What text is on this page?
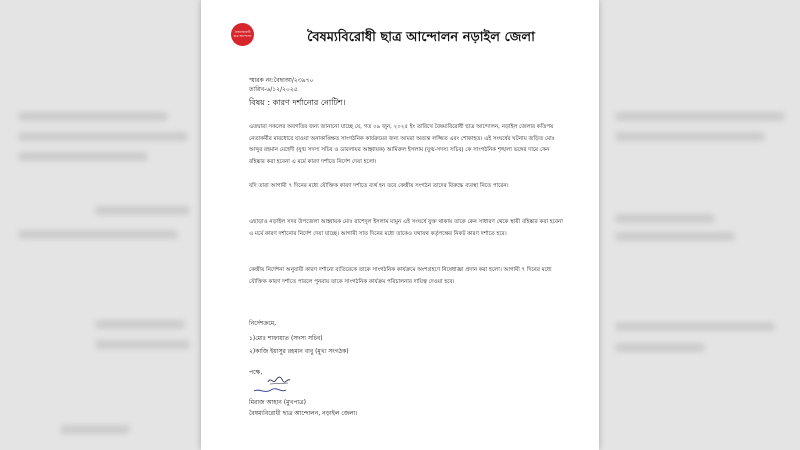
বৈষম্যবিরোধী ছাত্র আন্দোলন	বৈষম্যবিরোধী ছাত্র আন্দোলন নড়াইল জেলা
স্মারক নং:বৈছাআ/২৩৯৭০
তারিখ-৬/১২/২০২৫
বিষয় : কারণ দর্শানোর নোটিশ।

এতদ্বারা সকলের অবগতির জন্য জানানো যাচ্ছে যে, গত ০৯ জুন, ২০২৫ ইং তারিখে বৈষম্যবিরোধী ছাত্র আন্দোলন, নড়াইল জেলার কতিপয় নেতাকর্মীর মারধোরে যাওয়া অনাকাঙ্ক্ষিত সাংগঠনিক কার্যক্রমের জন্য আমরা অত্যন্ত লজ্জিত এবং শোকাহত। এই সংঘর্ষের ঘটনায় জড়িত মোঃ আব্দুর রহমান মেহেদী (যুগ্ম সদস্য সচিব ও ডাবলায়র আহ্বায়ক) আমিরুল ইসলাম (যুগ্ম-সদস্য সচিব) কে সাংগঠনিক শৃঙ্খলা ভঙ্গের দায়ে কেন বহিষ্কার করা হবেনা এ মর্মে কারণ দর্শাতে নির্দেশ দেয়া হলো।

যদি তারা আগামী ৭ দিনের মধ্যে যৌক্তিক কারণ দর্শাতে ব্যর্থ হন তবে কেন্দ্রীয় সংগঠন তাদের বিরুদ্ধে ব্যবস্থা নিতে পারেন।

এছাড়াও নড়াইল সদর উপজেলা আহ্বায়ক মোঃ রাশেদুল ইসলাম মামুন এই সংঘর্ষে যুক্ত থাকায় তাকে কেন সাধারণ থেকে স্থায়ী বহিষ্কার করা হবেনা এ মর্মে কারণ দর্শানোর নির্দেশ দেয়া যাচ্ছে। আগামী সাত দিনের মধ্যে তাকেও যথাযথ কর্তৃপক্ষের নিকট কারণ দর্শাতে হবে।

কেন্দ্রীয় নির্দেশনা অনুযায়ী কারণ দর্শানো ব্যতিরেকে তাকে সাংগঠনিক কার্যক্রমে অংশগ্রহণে নিষেধাজ্ঞা প্রদান করা হলো। আগামী ৭ দিনের মধ্যে যৌক্তিক কারণ দর্শাতে পারলে পুনরায় তাকে সাংগঠনিক কার্যক্রম পরিচালনার দায়িত্ব দেওয়া হবে।

নির্দেশক্রমে,
১)মোঃ শাফায়াত (সদস্য সচিব)
২)কাজি ইয়াসুর রহমান বাবু (মুখ্য সংগঠক)
পক্ষে,
মিরাজ আহান (মুখপাত্র)
বৈষম্যবিরোধী ছাত্র আন্দোলন, নড়াইল জেলা।
